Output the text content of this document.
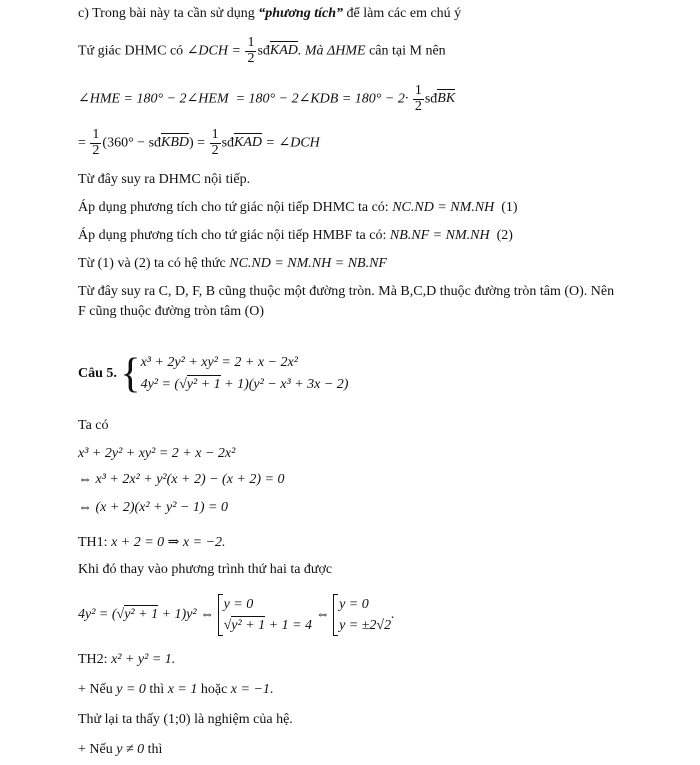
c) Trong bài này ta cần sử dụng “phương tích” để làm các em chú ý
Tứ giác DHMC có ∠DCH = $\frac{1}{2}$ sđKAD. Mà ΔHME cân tại M nên
∠HME = 180° − 2∠HEM = 180° − 2∠KDB = $180^\circ - 2\cdot \frac{1}{2}$ sđBK
= $\frac{1}{2} (360^\circ$ − sđKBD) = $\frac{1}{2}$ sđKAD = ∠DCH
Từ đây suy ra DHMC nội tiếp.
Áp dụng phương tích cho tứ giác nội tiếp DHMC ta có: NC.ND = NM.NH (1)
Áp dụng phương tích cho tứ giác nội tiếp HMBF ta có: NB.NF = NM.NH (2)
Từ (1) và (2) ta có hệ thức NC.ND = NM.NH = NB.NF
Từ đây suy ra C, D, F, B cũng thuộc một đường tròn. Mà B,C,D thuộc đường tròn tâm (O). Nên
F cũng thuộc đường tròn tâm (O)
Câu 5. { x³ + 2y² + xy² = 2 + x − 2x²
4y² = (√y² + 1 + 1)(y² − x³ + 3x − 2)
Ta có
x³ + 2y² + xy² = 2 + x − 2x²
⇔ x³ + 2x² + y²(x + 2) − (x + 2) = 0
⇔ (x + 2)(x² + y² − 1) = 0
TH1: x + 2 = 0 ⇒ x = −2.
Khi đó thay vào phương trình thứ hai ta được
4y² = (√y² + 1 + 1)y² ⇔
y = 0
√y² + 1 + 1 = 4
⇔
y = 0
y = ±2√2
.
TH2: x² + y² = 1.
+ Nếu y = 0 thì x = 1 hoặc x = −1.
Thử lại ta thấy (1;0) là nghiệm của hệ.
+ Nếu y ≠ 0 thì
